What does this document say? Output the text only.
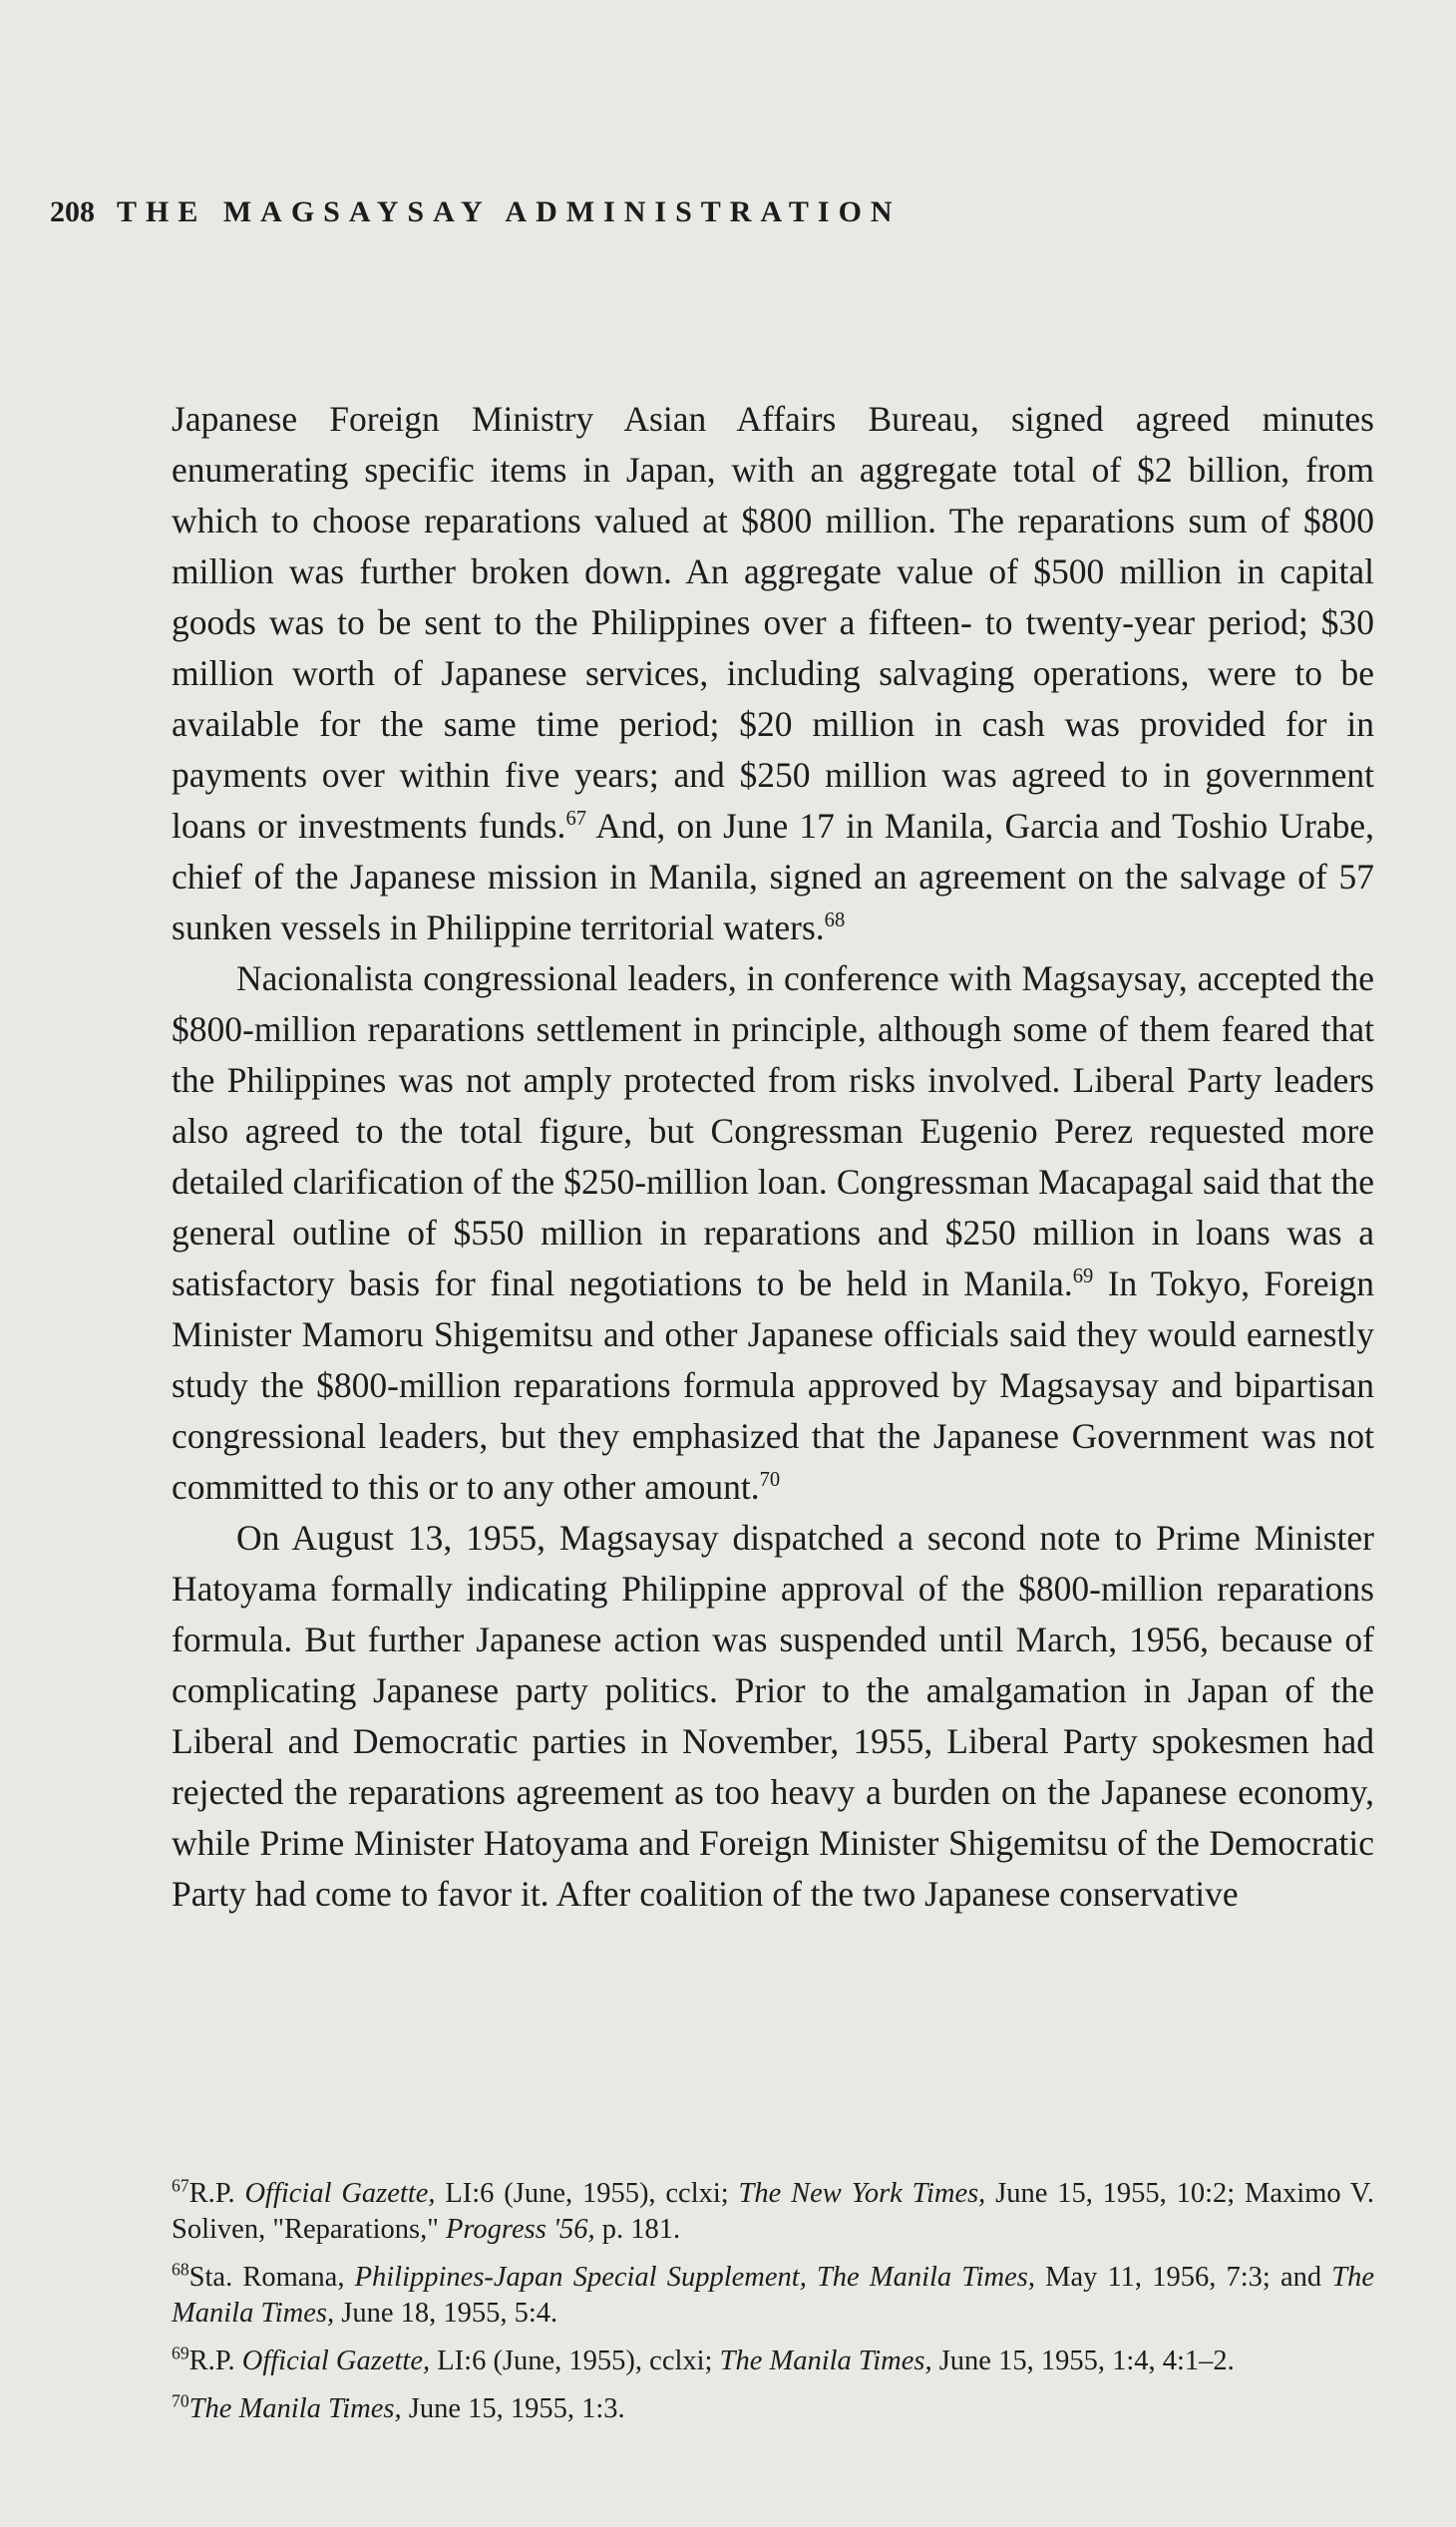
208 THE MAGSAYSAY ADMINISTRATION

Japanese Foreign Ministry Asian Affairs Bureau, signed agreed minutes enumerating specific items in Japan, with an aggregate total of $2 billion, from which to choose reparations valued at $800 million. The reparations sum of $800 million was further broken down. An aggregate value of $500 million in capital goods was to be sent to the Philippines over a fifteen- to twenty-year period; $30 million worth of Japanese services, including salvaging operations, were to be available for the same time period; $20 million in cash was provided for in payments over within five years; and $250 million was agreed to in government loans or investments funds.$^{67}$ And, on June 17 in Manila, Garcia and Toshio Urabe, chief of the Japanese mission in Manila, signed an agreement on the salvage of 57 sunken vessels in Philippine territorial waters.$^{68}$

Nacionalista congressional leaders, in conference with Magsaysay, accepted the $800-million reparations settlement in principle, although some of them feared that the Philippines was not amply protected from risks involved. Liberal Party leaders also agreed to the total figure, but Congressman Eugenio Perez requested more detailed clarification of the $250-million loan. Congressman Macapagal said that the general outline of $550 million in reparations and $250 million in loans was a satisfactory basis for final negotiations to be held in Manila.$^{69}$ In Tokyo, Foreign Minister Mamoru Shigemitsu and other Japanese officials said they would earnestly study the $800-million reparations formula approved by Magsaysay and bipartisan congressional leaders, but they emphasized that the Japanese Government was not committed to this or to any other amount.$^{70}$

On August 13, 1955, Magsaysay dispatched a second note to Prime Minister Hatoyama formally indicating Philippine approval of the $800-million reparations formula. But further Japanese action was suspended until March, 1956, because of complicating Japanese party politics. Prior to the amalgamation in Japan of the Liberal and Democratic parties in November, 1955, Liberal Party spokesmen had rejected the reparations agreement as too heavy a burden on the Japanese economy, while Prime Minister Hatoyama and Foreign Minister Shigemitsu of the Democratic Party had come to favor it. After coalition of the two Japanese conservative

$^{67}$R.P. Official Gazette, LI:6 (June, 1955), cclxi; The New York Times, June 15, 1955, 10:2; Maximo V. Soliven, "Reparations," Progress '56, p. 181.

$^{68}$Sta. Romana, Philippines-Japan Special Supplement, The Manila Times, May 11, 1956, 7:3; and The Manila Times, June 18, 1955, 5:4.

$^{69}$R.P. Official Gazette, LI:6 (June, 1955), cclxi; The Manila Times, June 15, 1955, 1:4, 4:1–2.

$^{70}$The Manila Times, June 15, 1955, 1:3.
